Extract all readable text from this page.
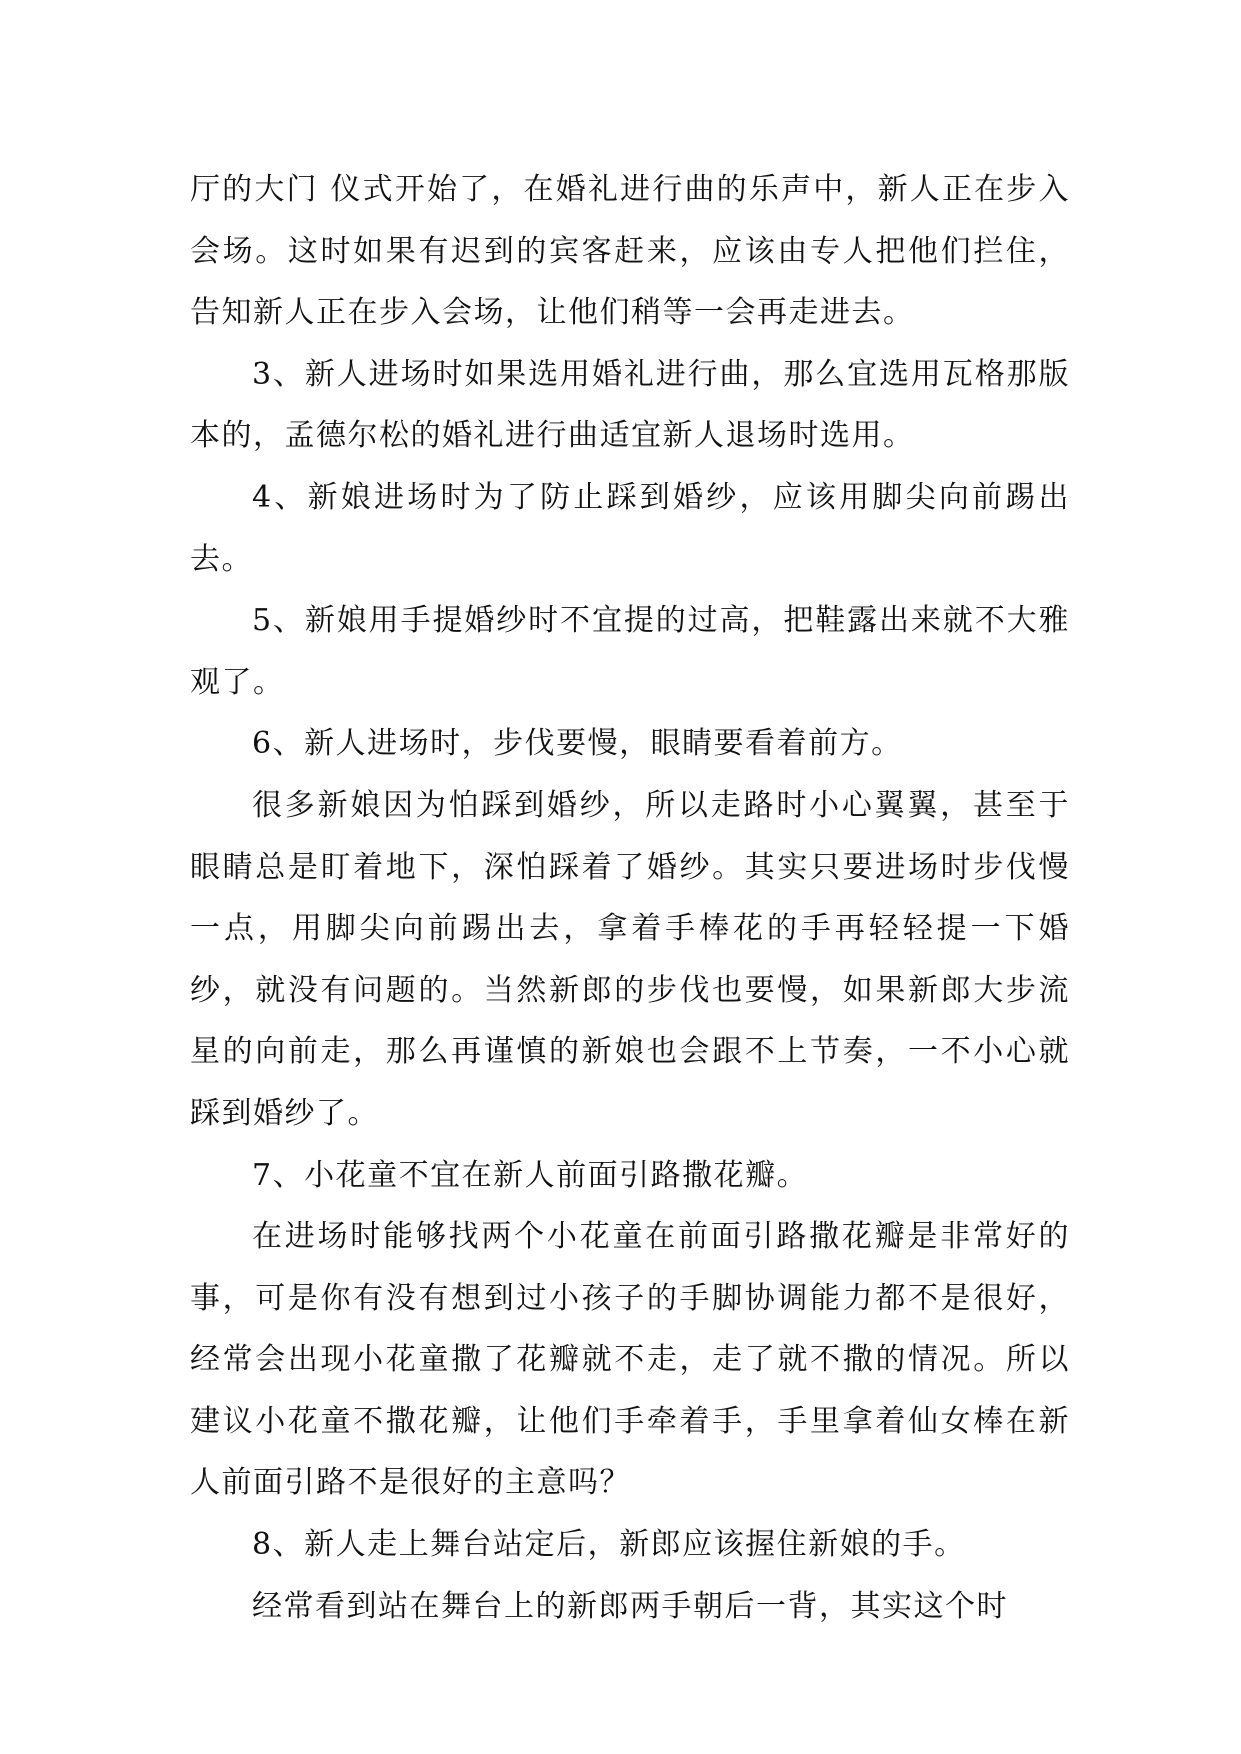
厅的大门 仪式开始了，在婚礼进行曲的乐声中，新人正在步入会场。这时如果有迟到的宾客赶来，应该由专人把他们拦住，告知新人正在步入会场，让他们稍等一会再走进去。

3、新人进场时如果选用婚礼进行曲，那么宜选用瓦格那版本的，孟德尔松的婚礼进行曲适宜新人退场时选用。

4、新娘进场时为了防止踩到婚纱，应该用脚尖向前踢出去。

5、新娘用手提婚纱时不宜提的过高，把鞋露出来就不大雅观了。

6、新人进场时，步伐要慢，眼睛要看着前方。

很多新娘因为怕踩到婚纱，所以走路时小心翼翼，甚至于眼睛总是盯着地下，深怕踩着了婚纱。其实只要进场时步伐慢一点，用脚尖向前踢出去，拿着手棒花的手再轻轻提一下婚纱，就没有问题的。当然新郎的步伐也要慢，如果新郎大步流星的向前走，那么再谨慎的新娘也会跟不上节奏，一不小心就踩到婚纱了。

7、小花童不宜在新人前面引路撒花瓣。

在进场时能够找两个小花童在前面引路撒花瓣是非常好的事，可是你有没有想到过小孩子的手脚协调能力都不是很好，经常会出现小花童撒了花瓣就不走，走了就不撒的情况。所以建议小花童不撒花瓣，让他们手牵着手，手里拿着仙女棒在新人前面引路不是很好的主意吗？

8、新人走上舞台站定后，新郎应该握住新娘的手。

经常看到站在舞台上的新郎两手朝后一背，其实这个时
